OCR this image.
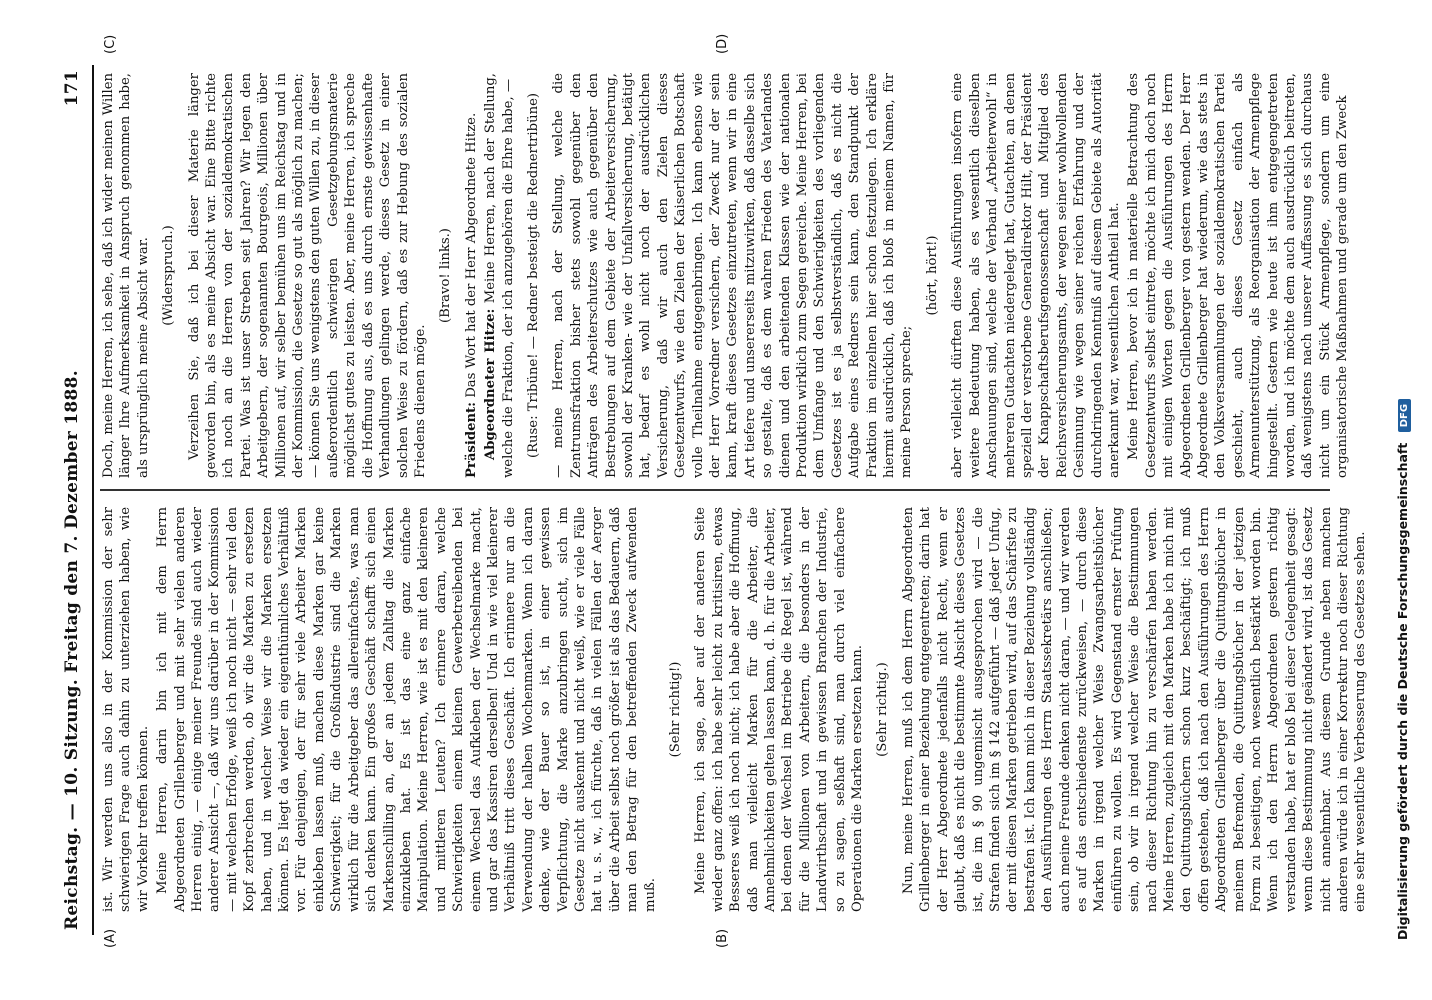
Reichstag. — 10. Sitzung. Freitag den 7. Dezember 1888.
171
(A)	(B)
(C)	(D)

ist. Wir werden uns also in der Kommission der sehr schwierigen Frage auch dahin zu unterziehen haben, wie wir Vorkehr treffen können. Meine Herren, darin bin ich mit dem Herrn Abgeordneten Grillenberger und mit sehr vielen anderen Herren einig, — einige meiner Freunde sind auch wieder anderer Ansicht —, daß wir uns darüber in der Kommission — mit welchen Erfolge, weiß ich noch nicht — sehr viel den Kopf zerbrechen werden, ob wir die Marken zu ersetzen haben, und in welcher Weise wir die Marken ersetzen können. Es liegt da wieder ein eigenthümliches Verhältniß vor. Für denjenigen, der für sehr viele Arbeiter Marken einkleben lassen muß, machen diese Marken gar keine Schwierigkeit; für die Großindustrie sind die Marken wirklich für die Arbeitgeber das allereinfachste, was man sich denken kann. Ein großes Geschäft schafft sich einen Markenschilling an, der an jedem Zahltag die Marken einzukleben hat. Es ist das eine ganz einfache Manipulation. Meine Herren, wie ist es mit den kleineren und mittleren Leuten? Ich erinnere daran, welche Schwierigkeiten einem kleinen Gewerbetreibenden bei einem Wechsel das Aufkleben der Wechselmarke macht, und gar das Kassiren derselben! Und in wie viel kleinerer Verhältniß tritt dieses Geschäft. Ich erinnere nur an die Verwendung der halben Wochenmarken. Wenn ich daran denke, wie der Bauer so ist, in einer gewissen Verpflichtung, die Marke anzubringen sucht, sich im Gesetze nicht auskennt und nicht weiß, wie er viele Fälle hat u. s. w., ich fürchte, daß in vielen Fällen der Aerger über die Arbeit selbst noch größer ist als das Bedauern, daß man den Betrag für den betreffenden Zweck aufwenden muß.

(Sehr richtig!) Meine Herren, ich sage, aber auf der anderen Seite wieder ganz offen: ich habe sehr leicht zu kritisiren, etwas Besseres weiß ich noch nicht; ich habe aber die Hoffnung, daß man vielleicht Marken für die Arbeiter, die Annehmlichkeiten gelten lassen kann, d. h. für die Arbeiter, bei denen der Wechsel im Betriebe die Regel ist, während für die Millionen von Arbeitern, die besonders in der Landwirthschaft und in gewissen Branchen der Industrie, so zu sagen, seßhaft sind, man durch viel einfachere Operationen die Marken ersetzen kann. (Sehr richtig.) Nun, meine Herren, muß ich dem Herrn Abgeordneten Grillenberger in einer Beziehung entgegentreten; darin hat der Herr Abgeordnete jedenfalls nicht Recht, wenn er glaubt, daß es nicht die bestimmte Absicht dieses Gesetzes ist, die im § 90 ungemischt ausgesprochen wird — die Strafen finden sich im § 142 aufgeführt — daß jeder Unfug, der mit diesen Marken getrieben wird, auf das Schärfste zu bestrafen ist. Ich kann mich in dieser Beziehung vollständig den Ausführungen des Herrn Staatssekretärs anschließen; auch meine Freunde denken nicht daran, — und wir werden es auf das entschiedenste zurückweisen, — durch diese Marken in irgend welcher Weise Zwangsarbeitsbücher einführen zu wollen. Es wird Gegenstand ernster Prüfung sein, ob wir in irgend welcher Weise die Bestimmungen nach dieser Richtung hin zu verschärfen haben werden. Meine Herren, zugleich mit den Marken habe ich mich mit den Quittungsbüchern schon kurz beschäftigt; ich muß offen gestehen, daß ich nach den Ausführungen des Herrn Abgeordneten Grillenberger über die Quittungsbücher in meinem Befremden, die Quittungsbücher in der jetzigen Form zu beseitigen, noch wesentlich bestärkt worden bin. Wenn ich den Herrn Abgeordneten gestern richtig verstanden habe, hat er bloß bei dieser Gelegenheit gesagt: wenn diese Bestimmung nicht geändert wird, ist das Gesetz nicht annehmbar. Aus diesem Grunde neben manchen anderen würde ich in einer Korrektur noch dieser Richtung eine sehr wesentliche Verbesserung des Gesetzes sehen.

Doch, meine Herren, ich sehe, daß ich wider meinen Willen länger Ihre Aufmerksamkeit in Anspruch genommen habe, als ursprünglich meine Absicht war. (Widerspruch.) Verzeihen Sie, daß ich bei dieser Materie länger geworden bin, als es meine Absicht war. Eine Bitte richte ich noch an die Herren von der sozialdemokratischen Partei. Was ist unser Streben seit Jahren? Wir legen den Arbeitgebern, der sogenannten Bourgeois, Millionen über Millionen auf, wir selber bemühen uns im Reichstag und in der Kommission, die Gesetze so gut als möglich zu machen; — können Sie uns wenigstens den guten Willen zu, in dieser außerordentlich schwierigen Gesetzgebungsmaterie möglichst gutes zu leisten. Aber, meine Herren, ich spreche die Hoffnung aus, daß es uns durch ernste gewissenhafte Verhandlungen gelingen werde, dieses Gesetz in einer solchen Weise zu fördern, daß es zur Hebung des sozialen Friedens dienen möge.

(Bravo! links.)

Präsident: Das Wort hat der Herr Abgeordnete Hitze. Abgeordneter Hitze: Meine Herren, nach der Stellung, welche die Fraktion, der ich anzugehören die Ehre habe, — (Ruse: Tribüne! — Redner besteigt die Rednertribüne) — meine Herren, nach der Stellung, welche die Zentrumsfraktion bisher stets sowohl gegenüber den Anträgen des Arbeiterschutzes wie auch gegenüber den Bestrebungen auf dem Gebiete der Arbeiterversicherung, sowohl der Kranken- wie der Unfallversicherung, betätigt hat, bedarf es wohl nicht noch der ausdrücklichen Versicherung, daß wir auch den Zielen dieses Gesetzentwurfs, wie den Zielen der Kaiserlichen Botschaft volle Theilnahme entgegenbringen. Ich kann ebenso wie der Herr Vorredner versichern, der Zweck nur der sein kann, kraft dieses Gesetzes einzutreten, wenn wir in eine Art tiefere und unsererseits mitzuwirken, daß dasselbe sich so gestalte, daß es dem wahren Frieden des Vaterlandes dienen und den arbeitenden Klassen wie der nationalen Produktion wirklich zum Segen gereiche. Meine Herren, bei dem Umfange und den Schwierigkeiten des vorliegenden Gesetzes ist es ja selbstverständlich, daß es nicht die Aufgabe eines Redners sein kann, den Standpunkt der Fraktion im einzelnen hier schon festzulegen. Ich erkläre hiermit ausdrücklich, daß ich bloß in meinem Namen, für meine Person spreche;

(hört, hört!) aber vielleicht dürften diese Ausführungen insofern eine weitere Bedeutung haben, als es wesentlich dieselben Anschauungen sind, welche der Verband „Arbeiterwohl“ in mehreren Gutachten niedergelegt hat, Gutachten, an denen speziell der verstorbene Generaldirektor Hilt, der Präsident der Knappschaftsberufsgenossenschaft und Mitglied des Reichsversicherungsamts, der wegen seiner wohlwollenden Gesinnung wie wegen seiner reichen Erfahrung und der durchdringenden Kenntniß auf diesem Gebiete als Autorität anerkannt war, wesentlichen Antheil hat. Meine Herren, bevor ich in materielle Betrachtung des Gesetzentwurfs selbst eintrete, möchte ich mich doch noch mit einigen Worten gegen die Ausführungen des Herrn Abgeordneten Grillenberger von gestern wenden. Der Herr Abgeordnete Grillenberger hat wiederum, wie das stets in den Volksversammlungen der sozialdemokratischen Partei geschieht, auch dieses Gesetz einfach als Armenunterstützung, als Reorganisation der Armenpflege hingestellt. Gestern wie heute ist ihm entgegengetreten worden, und ich möchte dem auch ausdrücklich beitreten, daß wenigstens nach unserer Auffassung es sich durchaus nicht um ein Stück Armenpflege, sondern um eine organisatorische Maßnahmen und gerade um den Zweck

Digitalisierung gefördert durch die Deutsche Forschungsgemeinschaft DFG
